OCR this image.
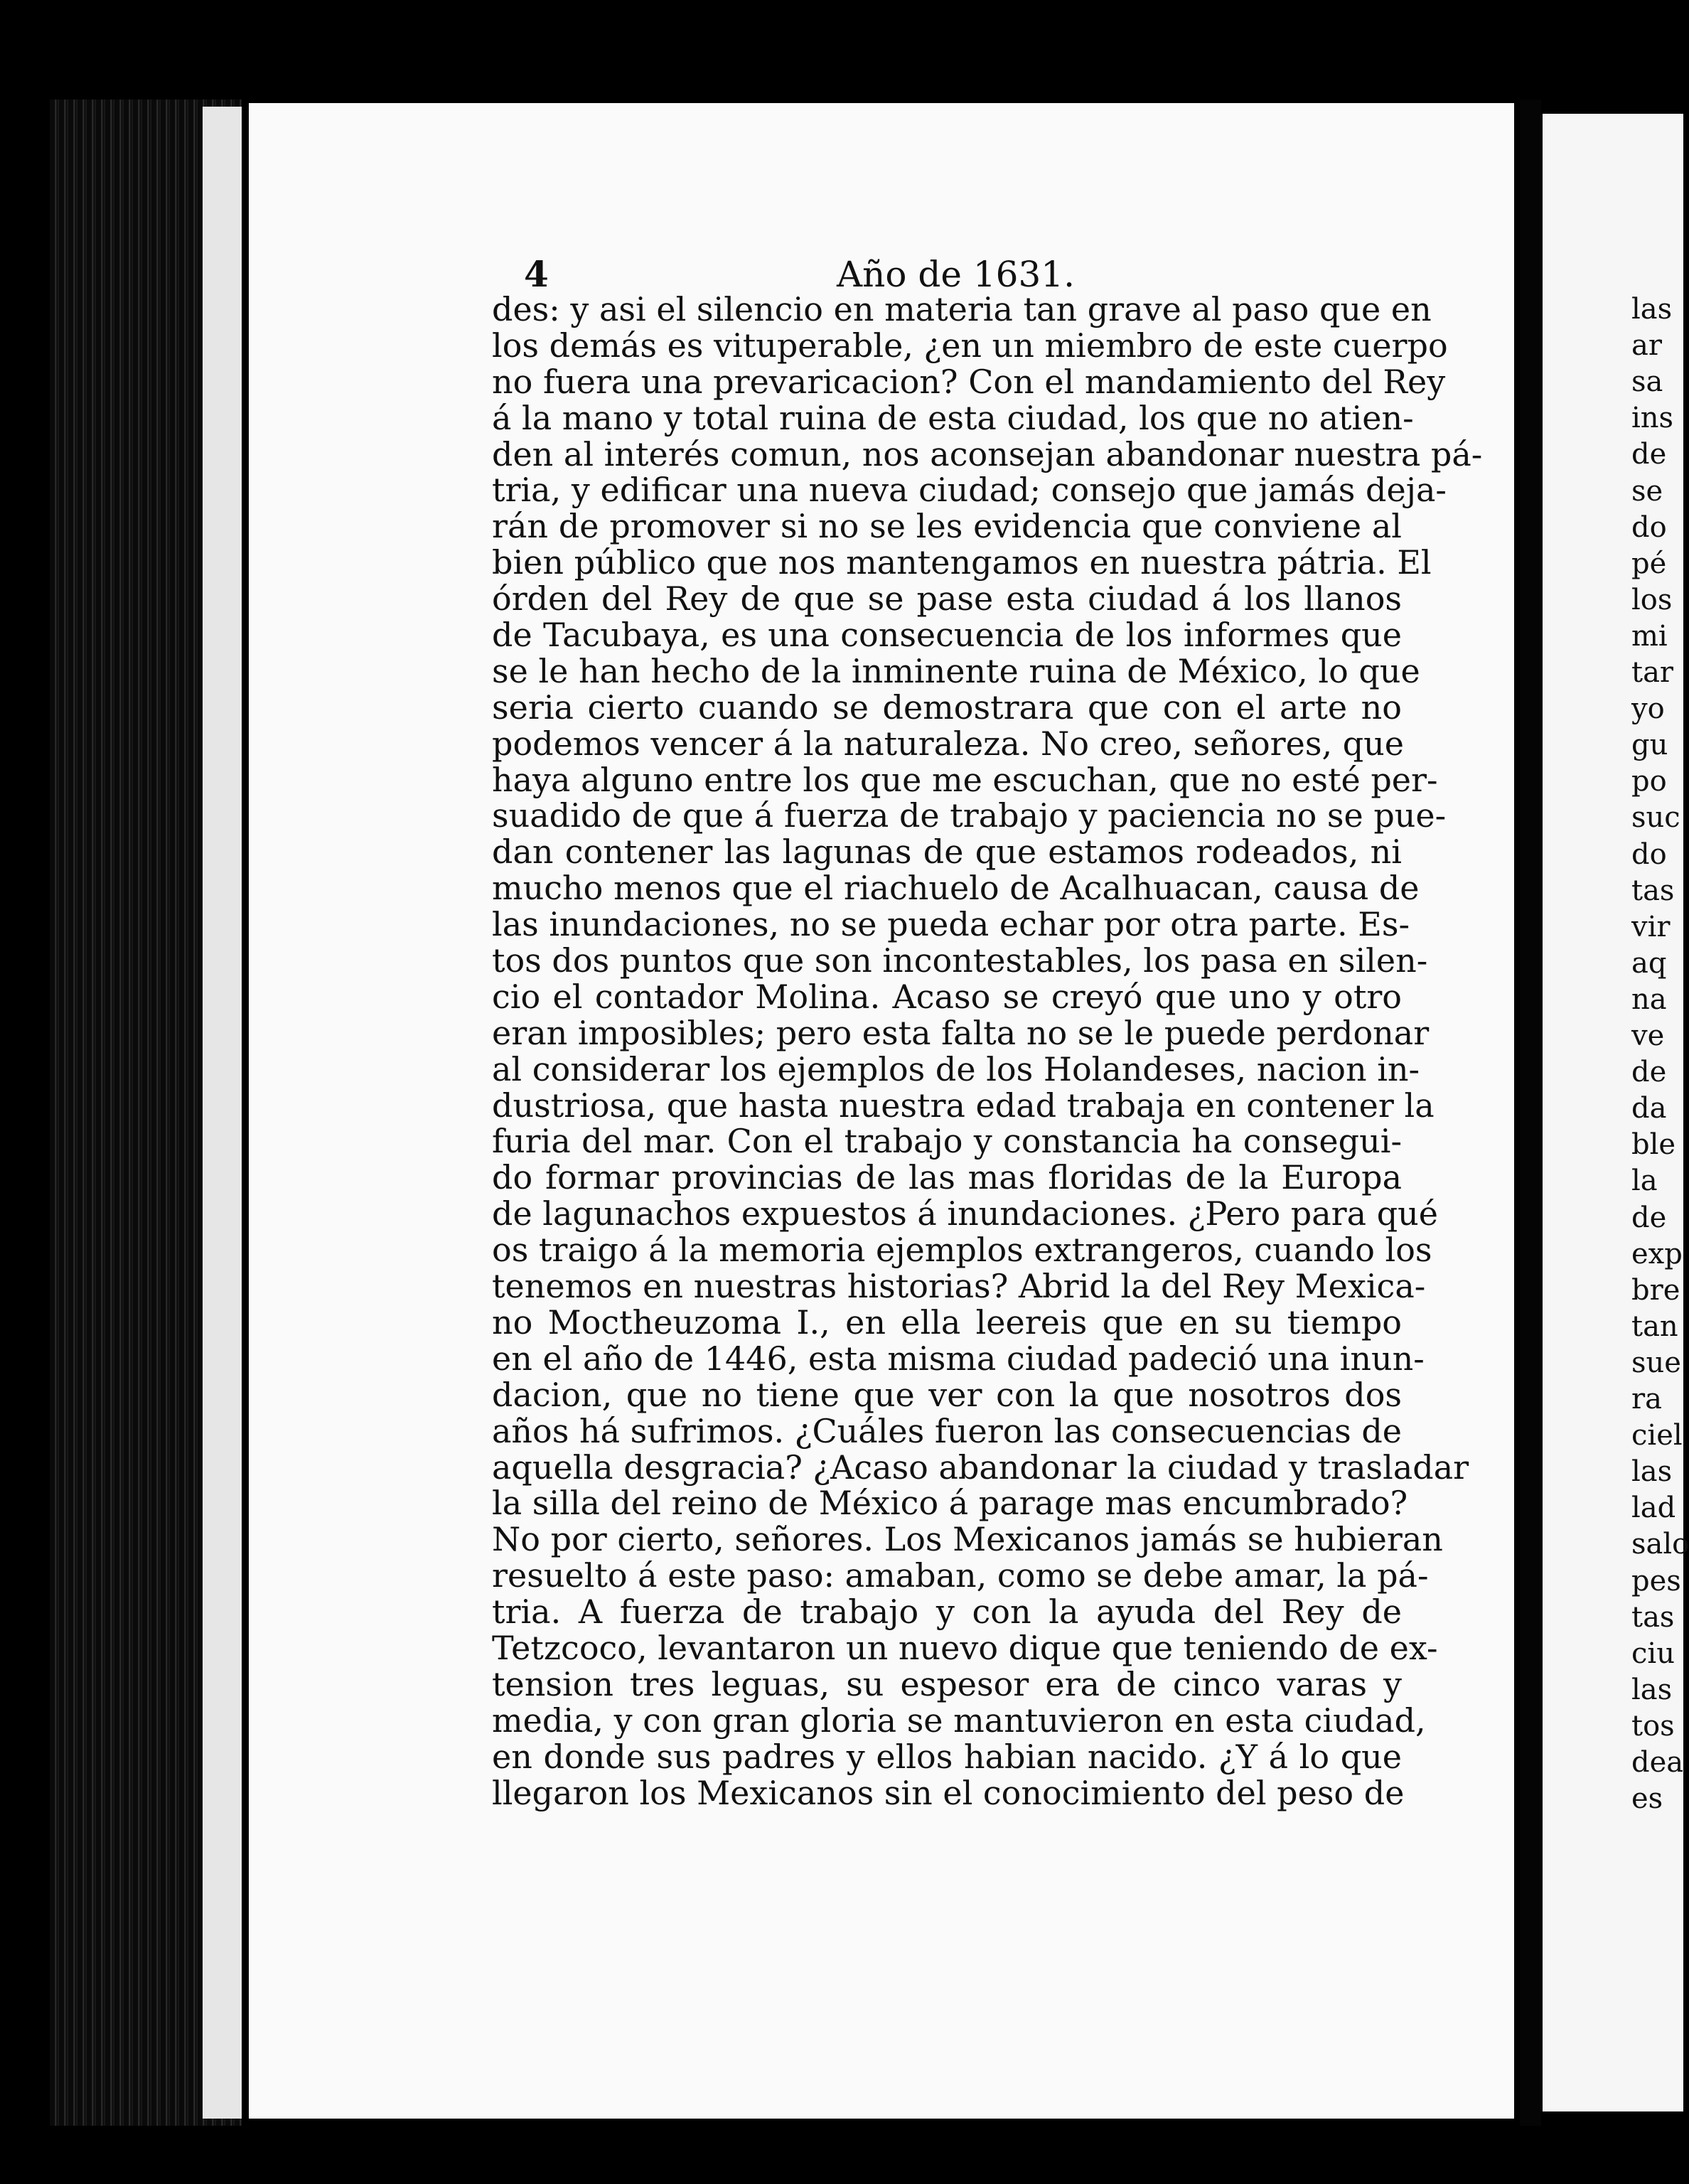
4	Año de 1631.
des: y asi el silencio en materia tan grave al paso que en
los demás es vituperable, ¿en un miembro de este cuerpo
no fuera una prevaricacion? Con el mandamiento del Rey
á la mano y total ruina de esta ciudad, los que no atien-
den al interés comun, nos aconsejan abandonar nuestra pá-
tria, y edificar una nueva ciudad; consejo que jamás deja-
rán de promover si no se les evidencia que conviene al
bien público que nos mantengamos en nuestra pátria. El
órden del Rey de que se pase esta ciudad á los llanos
de Tacubaya, es una consecuencia de los informes que
se le han hecho de la inminente ruina de México, lo que
seria cierto cuando se demostrara que con el arte no
podemos vencer á la naturaleza. No creo, señores, que
haya alguno entre los que me escuchan, que no esté per-
suadido de que á fuerza de trabajo y paciencia no se pue-
dan contener las lagunas de que estamos rodeados, ni
mucho menos que el riachuelo de Acalhuacan, causa de
las inundaciones, no se pueda echar por otra parte. Es-
tos dos puntos que son incontestables, los pasa en silen-
cio el contador Molina. Acaso se creyó que uno y otro
eran imposibles; pero esta falta no se le puede perdonar
al considerar los ejemplos de los Holandeses, nacion in-
dustriosa, que hasta nuestra edad trabaja en contener la
furia del mar. Con el trabajo y constancia ha consegui-
do formar provincias de las mas floridas de la Europa
de lagunachos expuestos á inundaciones. ¿Pero para qué
os traigo á la memoria ejemplos extrangeros, cuando los
tenemos en nuestras historias? Abrid la del Rey Mexica-
no Moctheuzoma I., en ella leereis que en su tiempo
en el año de 1446, esta misma ciudad padeció una inun-
dacion, que no tiene que ver con la que nosotros dos
años há sufrimos. ¿Cuáles fueron las consecuencias de
aquella desgracia? ¿Acaso abandonar la ciudad y trasladar
la silla del reino de México á parage mas encumbrado?
No por cierto, señores. Los Mexicanos jamás se hubieran
resuelto á este paso: amaban, como se debe amar, la pá-
tria. A fuerza de trabajo y con la ayuda del Rey de
Tetzcoco, levantaron un nuevo dique que teniendo de ex-
tension tres leguas, su espesor era de cinco varas y
media, y con gran gloria se mantuvieron en esta ciudad,
en donde sus padres y ellos habian nacido. ¿Y á lo que
llegaron los Mexicanos sin el conocimiento del peso de
las
ar
sa
ins
de
se
do
pé
los
mi
tar
yo
gu
po
suc
do
tas
vir
aq
na
ve
de
da
ble
la
de
exp
bre
tan
sue
ra
ciel
las
lad
salo
pes
tas
ciu
las
tos
dea
es
